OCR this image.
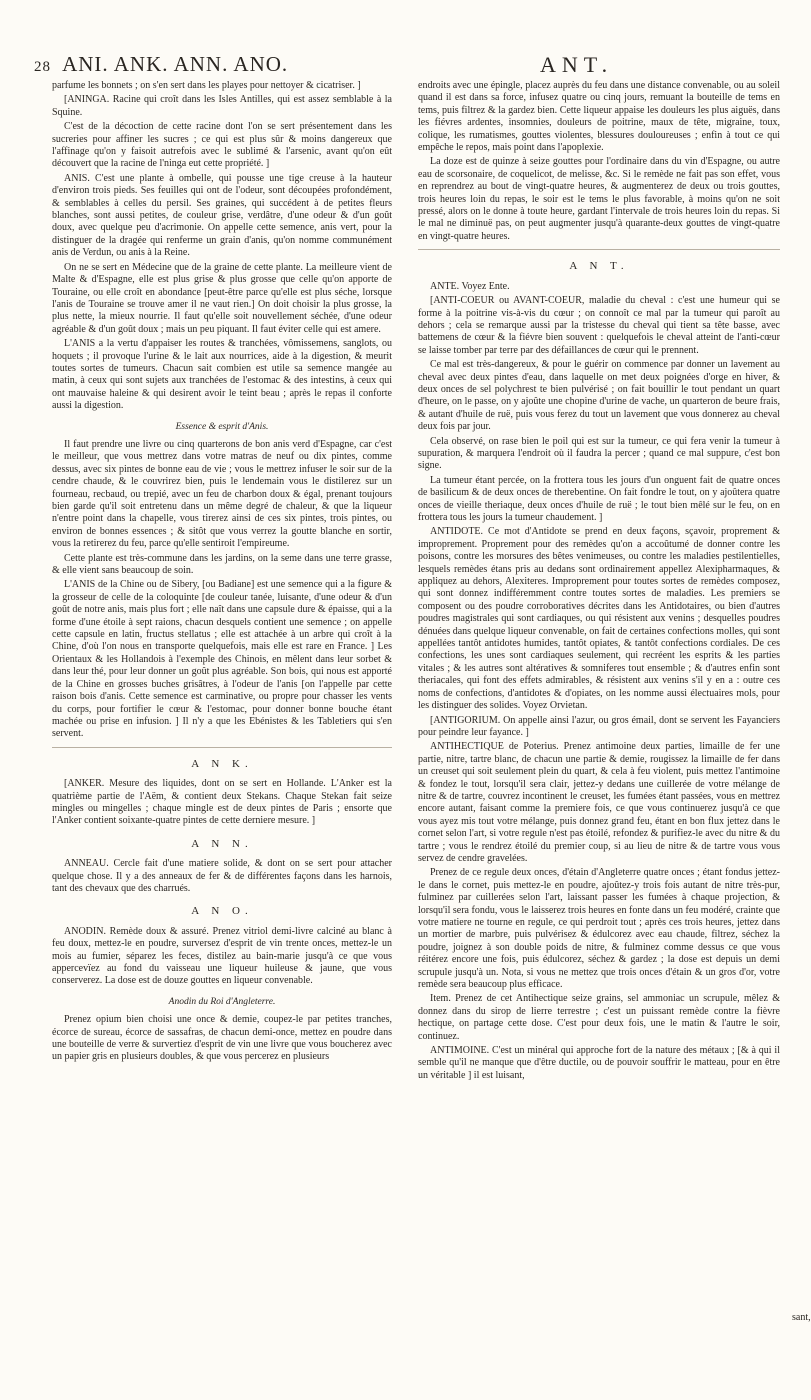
28 ANI. ANK. ANN. ANO.	ANT.

parfume les bonnets ; on s'en sert dans les playes pour nettoyer & cicatriser. ]

[ANINGA. Racine qui croît dans les Isles Antilles, qui est assez semblable à la Squine.

C'est de la décoction de cette racine dont l'on se sert présentement dans les sucreries pour affiner les sucres ; ce qui est plus sûr & moins dangereux que l'affinage qu'on y faisoit autrefois avec le sublimé & l'arsenic, avant qu'on eût découvert que la racine de l'ninga eut cette propriété. ]

ANIS. C'est une plante à ombelle, qui pousse une tige creuse à la hauteur d'environ trois pieds. Ses feuilles qui ont de l'odeur, sont découpées profondément, & semblables à celles du persil. Ses graines, qui succédent à de petites fleurs blanches, sont aussi petites, de couleur grise, verdâtre, d'une odeur & d'un goût doux, avec quelque peu d'acrimonie. On appelle cette semence, anis vert, pour la distinguer de la dragée qui renferme un grain d'anis, qu'on nomme communément anis de Verdun, ou anis à la Reine.

On ne se sert en Médecine que de la graine de cette plante. La meilleure vient de Malte & d'Espagne, elle est plus grise & plus grosse que celle qu'on apporte de Touraine, ou elle croît en abondance [peut-être parce qu'elle est plus séche, lorsque l'anis de Touraine se trouve amer il ne vaut rien.] On doit choisir la plus grosse, la plus nette, la mieux nourrie. Il faut qu'elle soit nouvellement séchée, d'une odeur agréable & d'un goût doux ; mais un peu piquant. Il faut éviter celle qui est amere.

L'ANIS a la vertu d'appaiser les routes & tranchées, vômissemens, sanglots, ou hoquets ; il provoque l'urine & le lait aux nourrices, aide à la digestion, & meurit toutes sortes de tumeurs. Chacun sait combien est utile sa semence mangée au matin, à ceux qui sont sujets aux tranchées de l'estomac & des intestins, à ceux qui ont mauvaise haleine & qui desirent avoir le teint beau ; après le repas il conforte aussi la digestion.

Essence & esprit d'Anis.

Il faut prendre une livre ou cinq quarterons de bon anis verd d'Espagne, car c'est le meilleur, que vous mettrez dans votre matras de neuf ou dix pintes, comme dessus, avec six pintes de bonne eau de vie ; vous le mettrez infuser le soir sur de la cendre chaude, & le couvrirez bien, puis le lendemain vous le distilerez sur un fourneau, recbaud, ou trepié, avec un feu de charbon doux & égal, prenant toujours bien garde qu'il soit entretenu dans un même degré de chaleur, & que la liqueur n'entre point dans la chapelle, vous tirerez ainsi de ces six pintes, trois pintes, ou environ de bonnes essences ; & sitôt que vous verrez la goutte blanche en sortir, vous la retirerez du feu, parce qu'elle sentiroit l'empireume.

Cette plante est très-commune dans les jardins, on la seme dans une terre grasse, & elle vient sans beaucoup de soin.

L'ANIS de la Chine ou de Sibery, [ou Badiane] est une semence qui a la figure & la grosseur de celle de la coloquinte [de couleur tanée, luisante, d'une odeur & d'un goût de notre anis, mais plus fort ; elle naît dans une capsule dure & épaisse, qui a la forme d'une étoile à sept raions, chacun desquels contient une semence ; on appelle cette capsule en latin, fructus stellatus ; elle est attachée à un arbre qui croît à la Chine, d'où l'on nous en transporte quelquefois, mais elle est rare en France. ] Les Orientaux & les Hollandois à l'exemple des Chinois, en mêlent dans leur sorbet & dans leur thé, pour leur donner un goût plus agréable. Son bois, qui nous est apporté de la Chine en grosses buches grisâtres, à l'odeur de l'anis [on l'appelle par cette raison bois d'anis. Cette semence est carminative, ou propre pour chasser les vents du corps, pour fortifier le cœur & l'estomac, pour donner bonne bouche étant machée ou prise en infusion. ] Il n'y a que les Ebénistes & les Tabletiers qui s'en servent.

A N K.

[ANKER. Mesure des liquides, dont on se sert en Hollande. L'Anker est la quatrième partie de l'Aëm, & contient deux Stekans. Chaque Stekan fait seize mingles ou mingelles ; chaque mingle est de deux pintes de Paris ; ensorte que l'Anker contient soixante-quatre pintes de cette derniere mesure. ]

A N N.

ANNEAU. Cercle fait d'une matiere solide, & dont on se sert pour attacher quelque chose. Il y a des anneaux de fer & de différentes façons dans les harnois, tant des chevaux que des charrués.

A N O.

ANODIN. Remède doux & assuré. Prenez vitriol demi-livre calciné au blanc à feu doux, mettez-le en poudre, surversez d'esprit de vin trente onces, mettez-le un mois au fumier, séparez les feces, distilez au bain-marie jusqu'à ce que vous appercevïez au fond du vaisseau une liqueur huileuse & jaune, que vous conserverez. La dose est de douze gouttes en liqueur convenable.

Anodin du Roi d'Angleterre.

Prenez opium bien choisi une once & demie, coupez-le par petites tranches, écorce de sureau, écorce de sassafras, de chacun demi-once, mettez en poudre dans une bouteille de verre & survertiez d'esprit de vin une livre que vous boucherez avec un papier gris en plusieurs doubles, & que vous percerez en plusieurs

endroits avec une épingle, placez auprès du feu dans une distance convenable, ou au soleil quand il est dans sa force, infusez quatre ou cinq jours, remuant la bouteille de tems en tems, puis filtrez & la gardez bien. Cette liqueur appaise les douleurs les plus aiguës, dans les fiévres ardentes, insomnies, douleurs de poitrine, maux de tête, migraine, toux, colique, les rumatismes, gouttes violentes, blessures douloureuses ; enfin à tout ce qui empêche le repos, mais point dans l'apoplexie.

La doze est de quinze à seize gouttes pour l'ordinaire dans du vin d'Espagne, ou autre eau de scorsonaire, de coquelicot, de melisse, &c. Si le remède ne fait pas son effet, vous en reprendrez au bout de vingt-quatre heures, & augmenterez de deux ou trois gouttes, trois heures loin du repas, le soir est le tems le plus favorable, à moins qu'on ne soit pressé, alors on le donne à toute heure, gardant l'intervale de trois heures loin du repas. Si le mal ne diminuë pas, on peut augmenter jusqu'à quarante-deux gouttes de vingt-quatre en vingt-quatre heures.

A N T.

ANTE. Voyez Ente.

[ANTI-COEUR ou AVANT-COEUR, maladie du cheval : c'est une humeur qui se forme à la poitrine vis-à-vis du cœur ; on connoît ce mal par la tumeur qui paroît au dehors ; cela se remarque aussi par la tristesse du cheval qui tient sa tête basse, avec battemens de cœur & la fiévre bien souvent : quelquefois le cheval atteint de l'anti-cœur se laisse tomber par terre par des défaillances de cœur qui le prennent.

Ce mal est très-dangereux, & pour le guérir on commence par donner un lavement au cheval avec deux pintes d'eau, dans laquelle on met deux poignées d'orge en hiver, & deux onces de sel polychrest te bien pulvérisé ; on fait bouillir le tout pendant un quart d'heure, on le passe, on y ajoûte une chopine d'urine de vache, un quarteron de beure frais, & autant d'huile de ruë, puis vous ferez du tout un lavement que vous donnerez au cheval deux fois par jour.

Cela observé, on rase bien le poil qui est sur la tumeur, ce qui fera venir la tumeur à supuration, & marquera l'endroit où il faudra la percer ; quand ce mal suppure, c'est bon signe.

La tumeur étant percée, on la frottera tous les jours d'un onguent fait de quatre onces de basilicum & de deux onces de therebentine. On fait fondre le tout, on y ajoûtera quatre onces de vieille theriaque, deux onces d'huile de ruë ; le tout bien mêlé sur le feu, on en frottera tous les jours la tumeur chaudement. ]

ANTIDOTE. Ce mot d'Antidote se prend en deux façons, sçavoir, proprement & improprement. Proprement pour des remèdes qu'on a accoûtumé de donner contre les poisons, contre les morsures des bêtes venimeuses, ou contre les maladies pestilentielles, lesquels remèdes étans pris au dedans sont ordinairement appellez Alexipharmaques, & appliquez au dehors, Alexiteres. Improprement pour toutes sortes de remèdes composez, qui sont donnez indifféremment contre toutes sortes de maladies. Les premiers se composent ou des poudre corroboratives décrites dans les Antidotaires, ou bien d'autres poudres magistrales qui sont cardiaques, ou qui résistent aux venins ; desquelles poudres dénuées dans quelque liqueur convenable, on fait de certaines confections molles, qui sont appellées tantôt antidotes humides, tantôt opiates, & tantôt confections cordiales. De ces confections, les unes sont cardiaques seulement, qui recréent les esprits & les parties vitales ; & les autres sont altératives & somniferes tout ensemble ; & d'autres enfin sont theriacales, qui font des effets admirables, & résistent aux venins s'il y en a : outre ces noms de confections, d'antidotes & d'opiates, on les nomme aussi électuaires mols, pour les distinguer des solides. Voyez Orvietan.

[ANTIGORIUM. On appelle ainsi l'azur, ou gros émail, dont se servent les Fayanciers pour peindre leur fayance. ]

ANTIHECTIQUE de Poterius. Prenez antimoine deux parties, limaille de fer une partie, nitre, tartre blanc, de chacun une partie & demie, rougissez la limaille de fer dans un creuset qui soit seulement plein du quart, & cela à feu violent, puis mettez l'antimoine & fondez le tout, lorsqu'il sera clair, jettez-y dedans une cuillerée de votre mélange de nitre & de tartre, couvrez incontinent le creuset, les fumées étant passées, vous en mettrez encore autant, faisant comme la premiere fois, ce que vous continuerez jusqu'à ce que vous ayez mis tout votre mélange, puis donnez grand feu, étant en bon flux jettez dans le cornet selon l'art, si votre regule n'est pas étoilé, refondez & purifiez-le avec du nitre & du tartre ; vous le rendrez étoilé du premier coup, si au lieu de nitre & de tartre vous vous servez de cendre gravelées.

Prenez de ce regule deux onces, d'étain d'Angleterre quatre onces ; étant fondus jettez-le dans le cornet, puis mettez-le en poudre, ajoûtez-y trois fois autant de nitre très-pur, fulminez par cuillerées selon l'art, laissant passer les fumées à chaque projection, & lorsqu'il sera fondu, vous le laisserez trois heures en fonte dans un feu modéré, crainte que votre matiere ne tourne en regule, ce qui perdroit tout ; après ces trois heures, jettez dans un mortier de marbre, puis pulvérisez & édulcorez avec eau chaude, filtrez, séchez la poudre, joignez à son double poids de nitre, & fulminez comme dessus ce que vous réitérez encore une fois, puis édulcorez, séchez & gardez ; la dose est depuis un demi scrupule jusqu'à un. Nota, si vous ne mettez que trois onces d'étain & un gros d'or, votre remède sera beaucoup plus efficace.

Item. Prenez de cet Antihectique seize grains, sel ammoniac un scrupule, mêlez & donnez dans du sirop de lierre terrestre ; c'est un puissant remède contre la fièvre hectique, on partage cette dose. C'est pour deux fois, une le matin & l'autre le soir, continuez.

ANTIMOINE. C'est un minéral qui approche fort de la nature des métaux ; [& à qui il semble qu'il ne manque que d'être ductile, ou de pouvoir souffrir le matteau, pour en être un véritable ] il est luisant,

sant,
